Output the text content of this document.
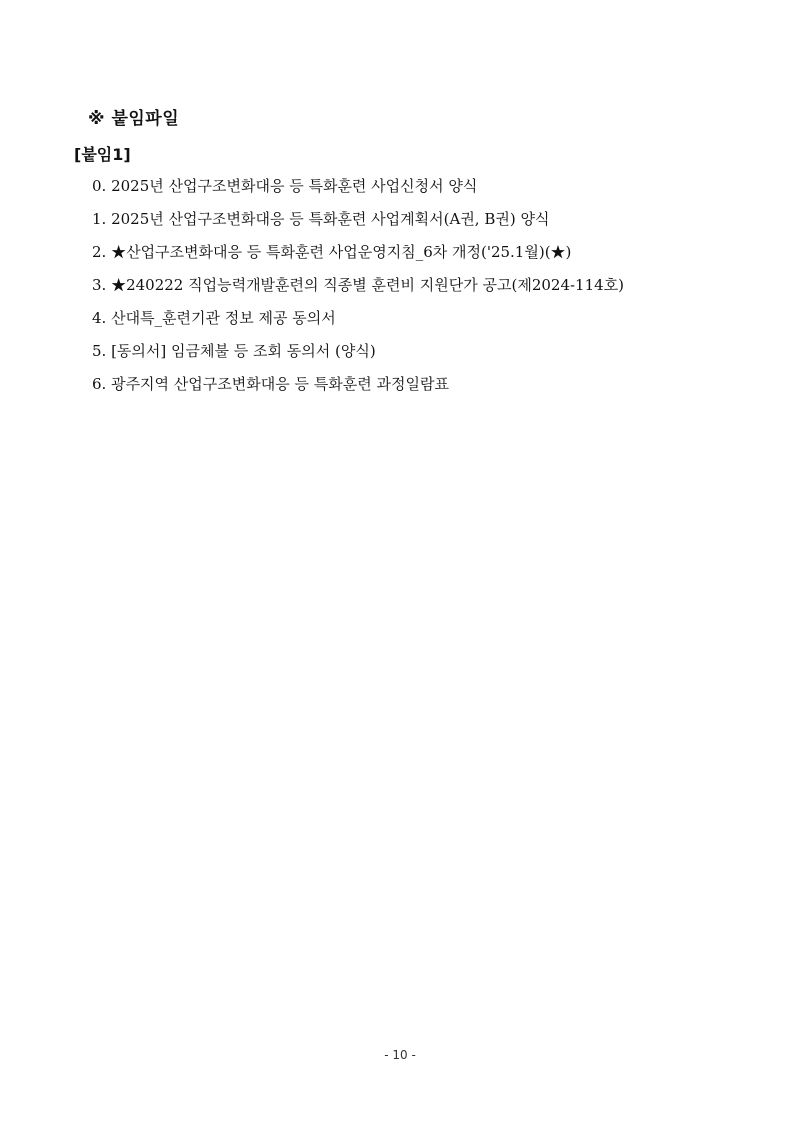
※ 붙임파일
[붙임1]
0. 2025년 산업구조변화대응 등 특화훈련 사업신청서 양식
1. 2025년 산업구조변화대응 등 특화훈련 사업계획서(A권, B권) 양식
2. ★산업구조변화대응 등 특화훈련 사업운영지침_6차 개정('25.1월)(★)
3. ★240222 직업능력개발훈련의 직종별 훈련비 지원단가 공고(제2024-114호)
4. 산대특_훈련기관 정보 제공 동의서
5. [동의서] 임금체불 등 조회 동의서 (양식)
6. 광주지역 산업구조변화대응 등 특화훈련 과정일람표
- 10 -
